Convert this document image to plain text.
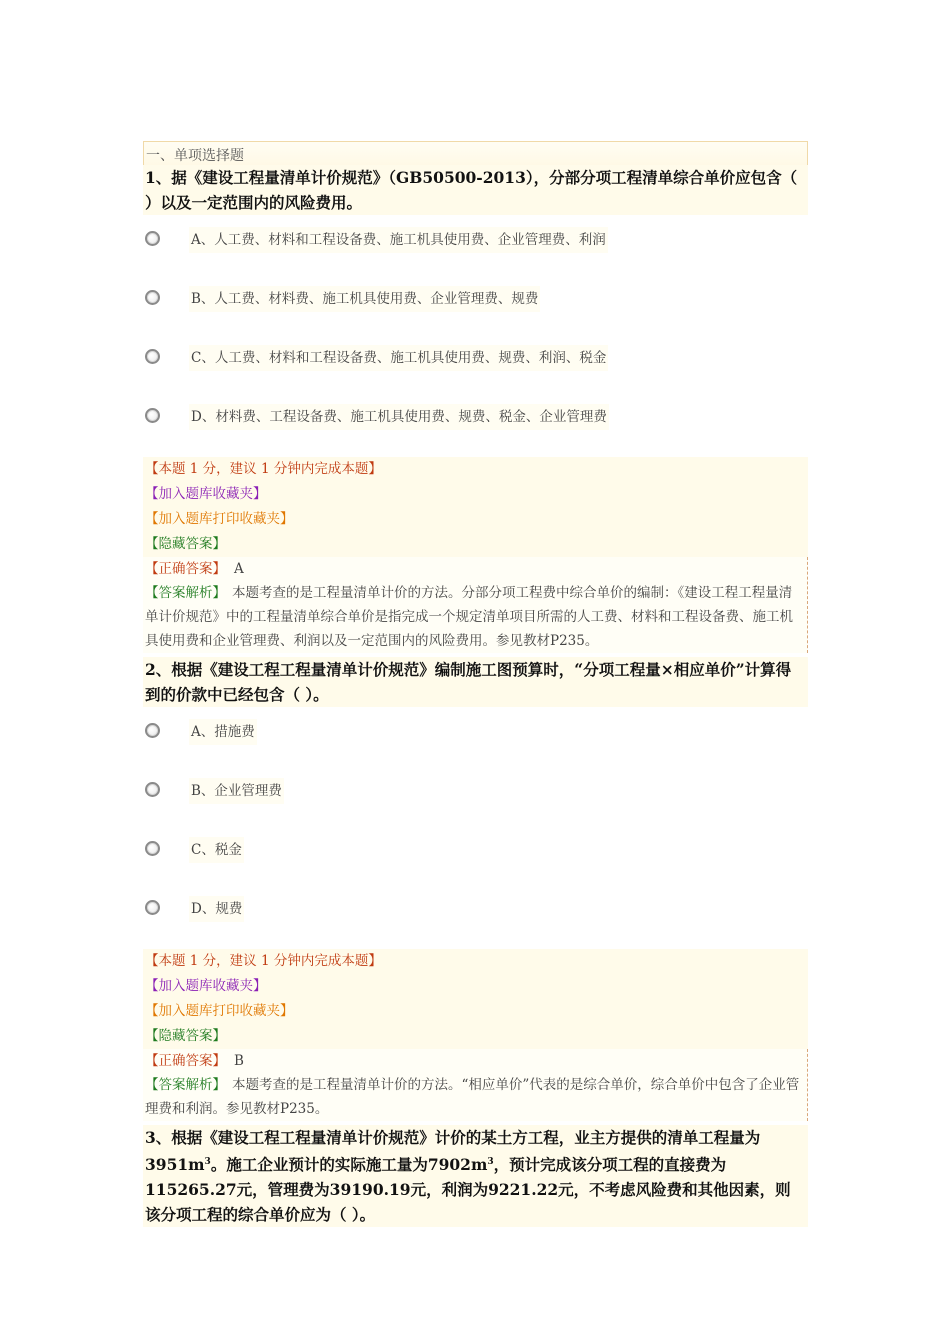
一、单项选择题
1、据《建设工程量清单计价规范》（GB50500-2013），分部分项工程清单综合单价应包含（ ）以及一定范围内的风险费用。
A、人工费、材料和工程设备费、施工机具使用费、企业管理费、利润
B、人工费、材料费、施工机具使用费、企业管理费、规费
C、人工费、材料和工程设备费、施工机具使用费、规费、利润、税金
D、材料费、工程设备费、施工机具使用费、规费、税金、企业管理费
【本题 1 分，建议 1 分钟内完成本题】
【加入题库收藏夹】
【加入题库打印收藏夹】
【隐藏答案】
【正确答案】 A
【答案解析】 本题考查的是工程量清单计价的方法。分部分项工程费中综合单价的编制：《建设工程工程量清单计价规范》中的工程量清单综合单价是指完成一个规定清单项目所需的人工费、材料和工程设备费、施工机具使用费和企业管理费、利润以及一定范围内的风险费用。参见教材P235。
2、根据《建设工程工程量清单计价规范》编制施工图预算时，“分项工程量×相应单价”计算得到的价款中已经包含（ ）。
A、措施费
B、企业管理费
C、税金
D、规费
【本题 1 分，建议 1 分钟内完成本题】
【加入题库收藏夹】
【加入题库打印收藏夹】
【隐藏答案】
【正确答案】 B
【答案解析】 本题考查的是工程量清单计价的方法。“相应单价”代表的是综合单价，综合单价中包含了企业管理费和利润。参见教材P235。
3、根据《建设工程工程量清单计价规范》计价的某土方工程，业主方提供的清单工程量为$3951m^3$。施工企业预计的实际施工量为$7902m^3$，预计完成该分项工程的直接费为115265.27元，管理费为39190.19元，利润为9221.22元，不考虑风险费和其他因素，则该分项工程的综合单价应为（ ）。
